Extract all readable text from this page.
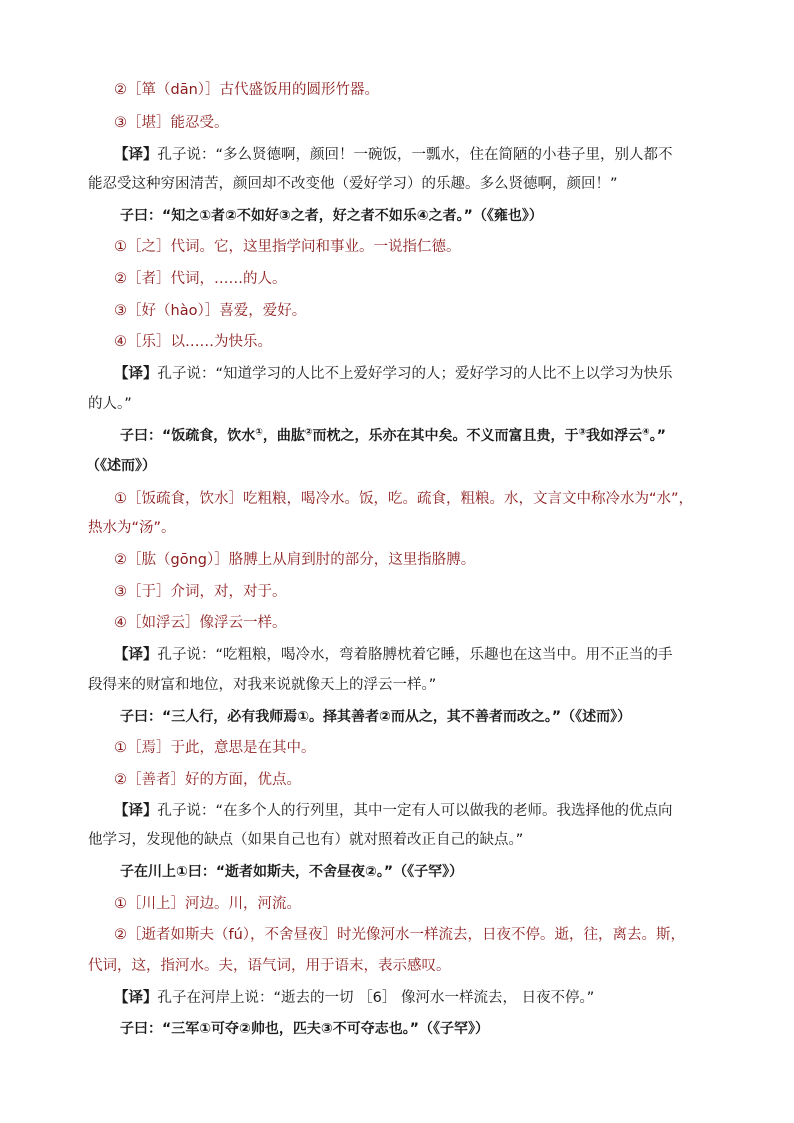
②［箪（dān）］古代盛饭用的圆形竹器。

③［堪］能忍受。

【译】孔子说：“多么贤德啊，颜回！一碗饭，一瓢水，住在简陋的小巷子里，别人都不

能忍受这种穷困清苦，颜回却不改变他（爱好学习）的乐趣。多么贤德啊，颜回！”

子曰：“知之①者②不如好③之者，好之者不如乐④之者。”（《雍也》）

①［之］代词。它，这里指学问和事业。一说指仁德。

②［者］代词，……的人。

③［好（hào）］喜爱，爱好。

④［乐］以……为快乐。

【译】孔子说：“知道学习的人比不上爱好学习的人；爱好学习的人比不上以学习为快乐

的人。”

子曰：“饭疏食，饮水①，曲肱②而枕之，乐亦在其中矣。不义而富且贵，于③我如浮云④。”

（《述而》）

①［饭疏食，饮水］吃粗粮，喝冷水。饭，吃。疏食，粗粮。水，文言文中称冷水为“水”，

热水为“汤”。

②［肱（gōng）］胳膊上从肩到肘的部分，这里指胳膊。

③［于］介词，对，对于。

④［如浮云］像浮云一样。

【译】孔子说：“吃粗粮，喝冷水，弯着胳膊枕着它睡，乐趣也在这当中。用不正当的手

段得来的财富和地位，对我来说就像天上的浮云一样。”

子曰：“三人行，必有我师焉①。择其善者②而从之，其不善者而改之。”（《述而》）

①［焉］于此，意思是在其中。

②［善者］好的方面，优点。

【译】孔子说：“在多个人的行列里，其中一定有人可以做我的老师。我选择他的优点向

他学习，发现他的缺点（如果自己也有）就对照着改正自己的缺点。”

子在川上①曰：“逝者如斯夫，不舍昼夜②。”（《子罕》）

①［川上］河边。川，河流。

②［逝者如斯夫（fú），不舍昼夜］时光像河水一样流去，日夜不停。逝，往，离去。斯，

代词，这，指河水。夫，语气词，用于语末，表示感叹。

【译】孔子在河岸上说：“逝去的一切 ［6］ 像河水一样流去， 日夜不停。”

子曰：“三军①可夺②帅也，匹夫③不可夺志也。”（《子罕》）
